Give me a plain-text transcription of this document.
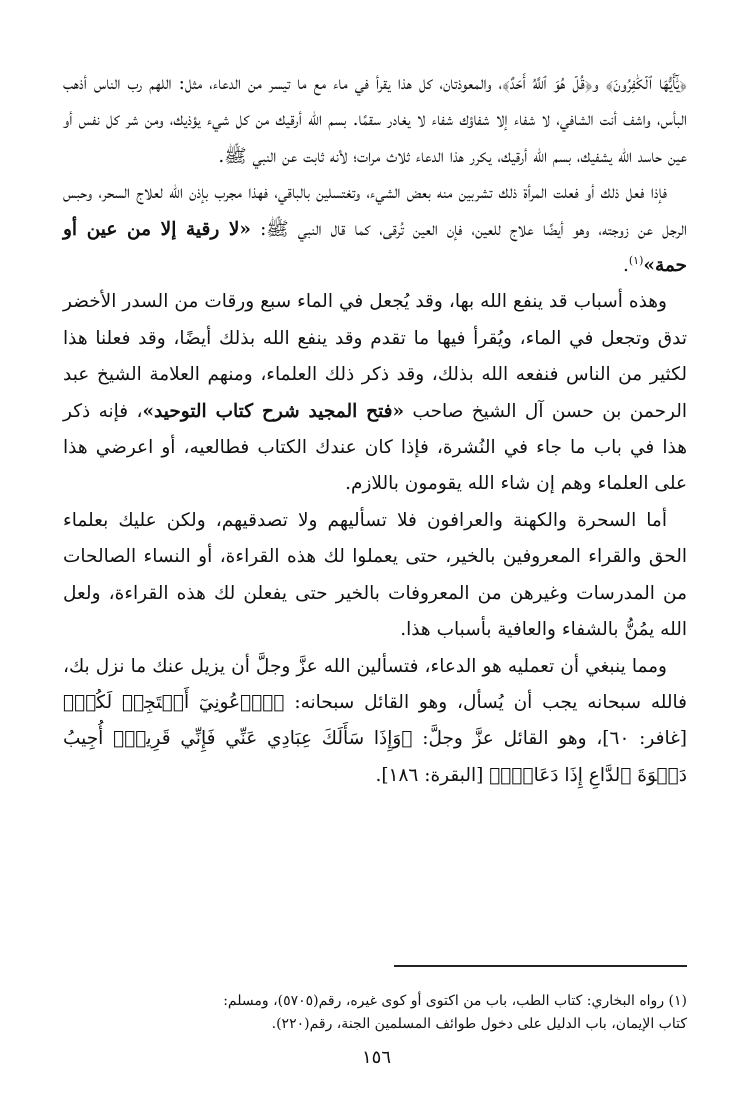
﴿يَٰٓأَيُّهَا ٱلۡكَٰفِرُونَ﴾ و﴿قُلۡ هُوَ ٱللَّهُ أَحَدٌ﴾، والمعوذتان، كل هذا يقرأ في ماء مع ما تيسر من الدعاء، مثل: اللهم رب الناس أذهب البأس، واشف أنت الشافي، لا شفاء إلا شفاؤك شفاء لا يغادر سقمًا. بسم الله أرقيك من كل شيء يؤذيك، ومن شر كل نفس أو عين حاسد الله يشفيك، بسم الله أرقيك، يكرر هذا الدعاء ثلاث مرات؛ لأنه ثابت عن النبي ﷺ.

فإذا فعل ذلك أو فعلت المرأة ذلك تشربين منه بعض الشيء، وتغتسلين بالباقي، فهذا مجرب بإذن الله لعلاج السحر، وحبس الرجل عن زوجته، وهو أيضًا علاج للعين، فإن العين تُرقى، كما قال النبي ﷺ: «لا رقية إلا من عين أو حمة»$^{(١)}$.

وهذه أسباب قد ينفع الله بها، وقد يُجعل في الماء سبع ورقات من السدر الأخضر تدق وتجعل في الماء، ويُقرأ فيها ما تقدم وقد ينفع الله بذلك أيضًا، وقد فعلنا هذا لكثير من الناس فنفعه الله بذلك، وقد ذكر ذلك العلماء، ومنهم العلامة الشيخ عبد الرحمن بن حسن آل الشيخ صاحب «فتح المجيد شرح كتاب التوحيد»، فإنه ذكر هذا في باب ما جاء في النُشرة، فإذا كان عندك الكتاب فطالعيه، أو اعرضي هذا على العلماء وهم إن شاء الله يقومون باللازم.

أما السحرة والكهنة والعرافون فلا تسأليهم ولا تصدقيهم، ولكن عليك بعلماء الحق والقراء المعروفين بالخير، حتى يعملوا لك هذه القراءة، أو النساء الصالحات من المدرسات وغيرهن من المعروفات بالخير حتى يفعلن لك هذه القراءة، ولعل الله يمُنُّ بالشفاء والعافية بأسباب هذا.

ومما ينبغي أن تعمليه هو الدعاء، فتسألين الله عزَّ وجلَّ أن يزيل عنك ما نزل بك، فالله سبحانه يجب أن يُسأل، وهو القائل سبحانه: ﴿ٱدۡعُونِيٓ أَسۡتَجِبۡ لَكُمۡ﴾ [غافر: ٦٠]، وهو القائل عزَّ وجلَّ: ﴿وَإِذَا سَأَلَكَ عِبَادِي عَنِّي فَإِنِّي قَرِيبٌۖ أُجِيبُ دَعۡوَةَ ٱلدَّاعِ إِذَا دَعَانِۖ﴾ [البقرة: ١٨٦].

(١) رواه البخاري: كتاب الطب، باب من اكتوى أو كوى غيره، رقم(٥٧٠٥)، ومسلم:

كتاب الإيمان، باب الدليل على دخول طوائف المسلمين الجنة، رقم(٢٢٠).

١٥٦
